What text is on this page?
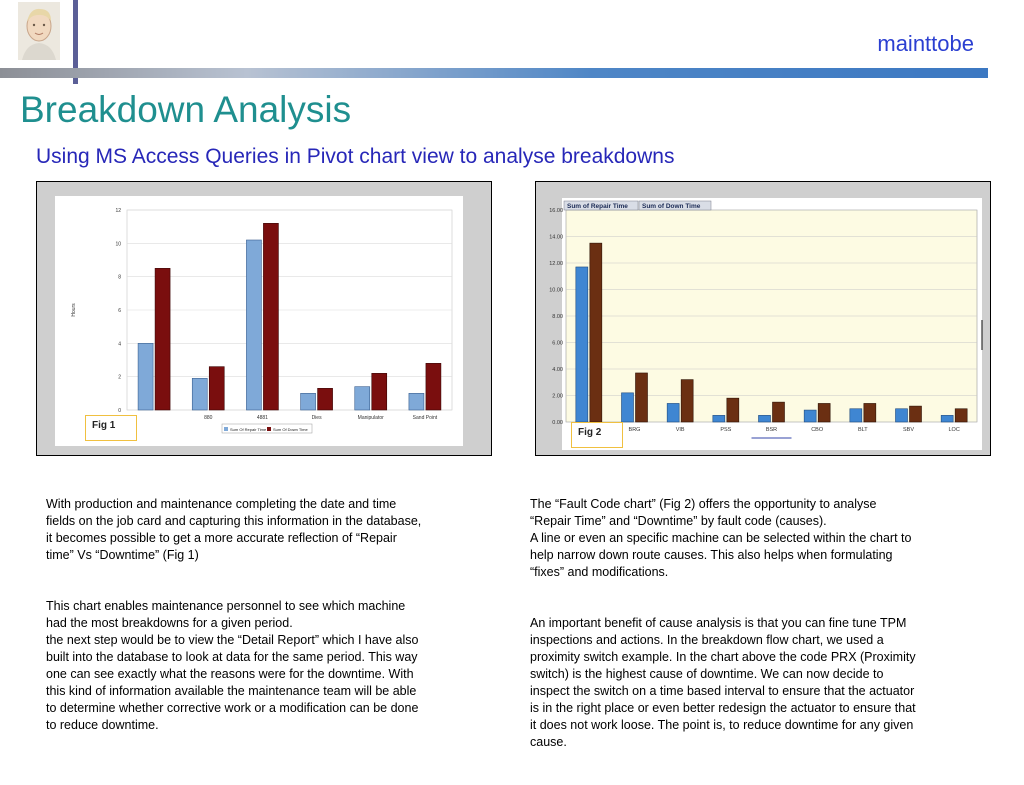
mainttobe
Breakdown Analysis
Using MS Access Queries in Pivot chart view to analyse breakdowns
0
2
4
6
8
10
12
Hours
880	4881	Dies	Manipulator	Sand Point
Sum Of Repair Time Sum Of Down Time
Fig 1	0.00
2.00
4.00
6.00
8.00
10.00
12.00
14.00
16.00
Sum of Repair Time Sum of Down Time
BRG	VIB	PSS	BSR	CBO	BLT	SBV	LOC
Fig 2

With production and maintenance completing the date and time
fields on the job card and capturing this information in the database,
it becomes possible to get a more accurate reflection of “Repair
time” Vs “Downtime” (Fig 1)

This chart enables maintenance personnel to see which machine
had the most breakdowns for a given period.
the next step would be to view the “Detail Report” which I have also
built into the database to look at data for the same period. This way
one can see exactly what the reasons were for the downtime. With
this kind of information available the maintenance team will be able
to determine whether corrective work or a modification can be done
to reduce downtime.

The “Fault Code chart” (Fig 2) offers the opportunity to analyse
“Repair Time” and “Downtime” by fault code (causes).
A line or even an specific machine can be selected within the chart to
help narrow down route causes. This also helps when formulating
“fixes” and modifications.

An important benefit of cause analysis is that you can fine tune TPM
inspections and actions. In the breakdown flow chart, we used a
proximity switch example. In the chart above the code PRX (Proximity
switch) is the highest cause of downtime. We can now decide to
inspect the switch on a time based interval to ensure that the actuator
is in the right place or even better redesign the actuator to ensure that
it does not work loose. The point is, to reduce downtime for any given
cause.
